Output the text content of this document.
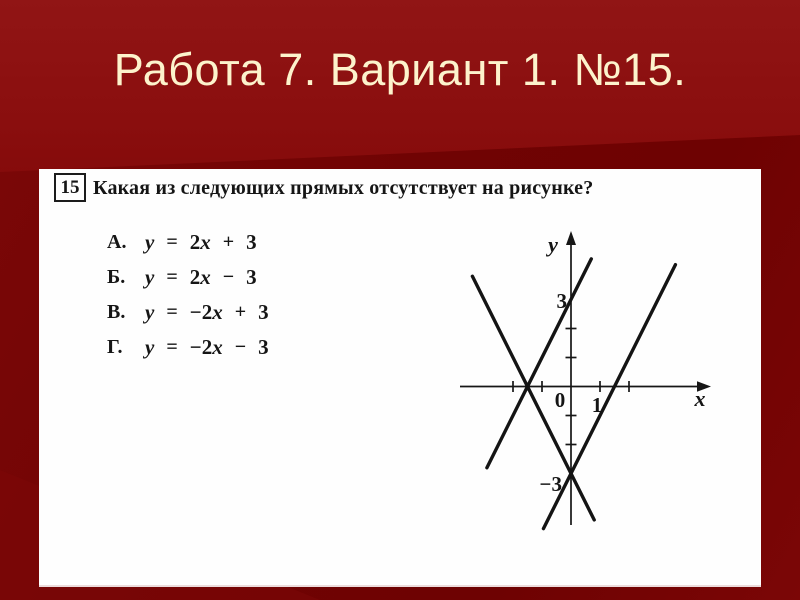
Работа 7. Вариант 1. №15.
15 Какая из следующих прямых отсутствует на рисунке?
А. y = 2 x + 3
Б. y = 2 x − 3
В. y = −2 x + 3
Г.	y = −2 x − 3
y
x
0 1
3
−3
